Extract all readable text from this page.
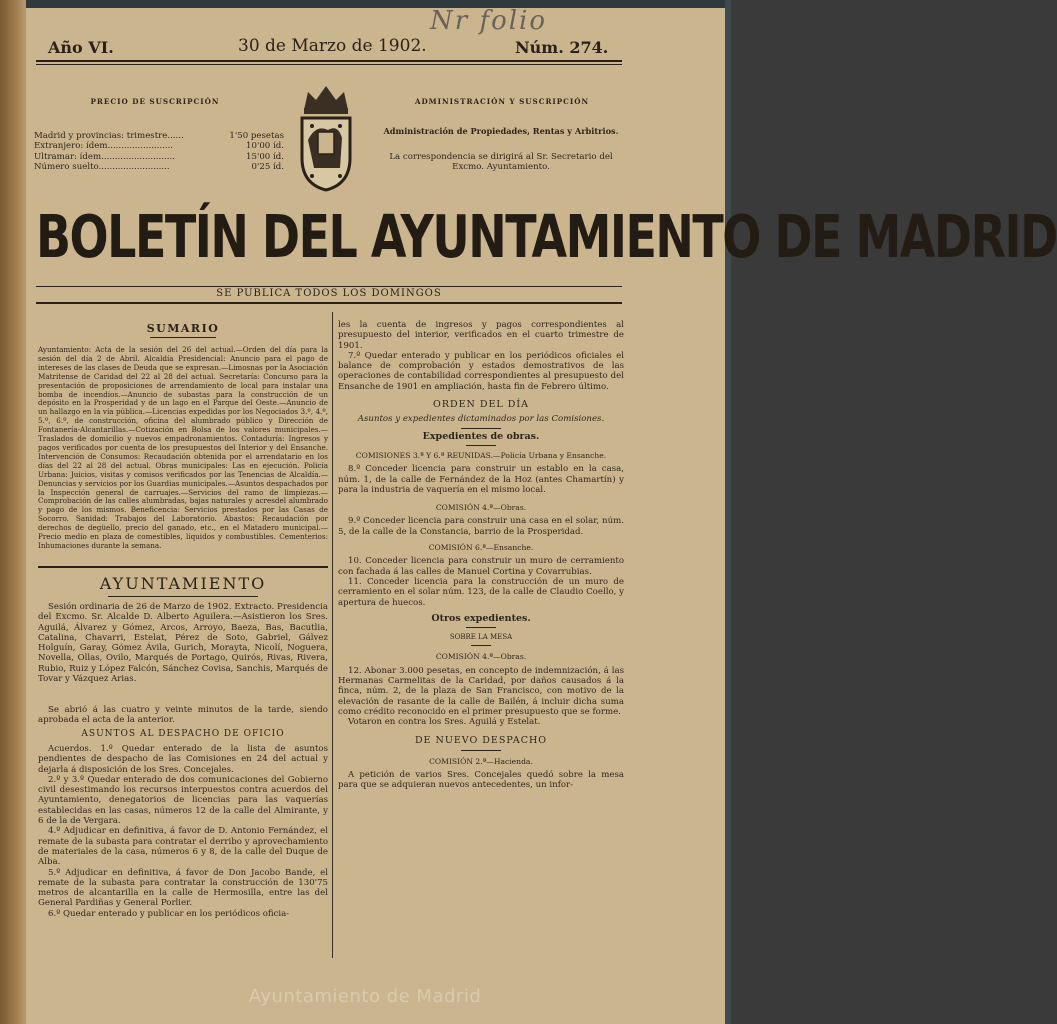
Nr folio
Año VI.	30 de Marzo de 1902.	Núm. 274.
PRECIO DE SUSCRIPCIÓN
Madrid y provincias: trimestre......	1'50 pesetas
Extranjero: ídem........................	10'00 íd.
Ultramar: ídem...........................	15'00 íd.
Número suelto..........................	0'25 íd.
ADMINISTRACIÓN Y SUSCRIPCIÓN
Administración de Propiedades, Rentas y Arbitrios.
La correspondencia se dirigirá al Sr. Secretario del Excmo. Ayuntamiento.
BOLETÍN DEL AYUNTAMIENTO DE MADRID
SE PUBLICA TODOS LOS DOMINGOS
SUMARIO
Ayuntamiento: Acta de la sesión del 26 del actual.—Orden del día para la sesión del día 2 de Abril. Alcaldía Presidencial: Anuncio para el pago de intereses de las clases de Deuda que se expresan.—Limosnas por la Asociación Matritense de Caridad del 22 al 28 del actual. Secretaría: Concurso para la presentación de proposiciones de arrendamiento de local para instalar una bomba de incendios.—Anuncio de subastas para la construcción de un depósito en la Prosperidad y de un lago en el Parque del Oeste.—Anuncio de un hallazgo en la vía pública.—Licencias expedidas por los Negociados 3.º, 4.º, 5.º, 6.º, de construcción, oficina del alumbrado público y Dirección de Fontanería-Alcantarillas.—Cotización en Bolsa de los valores municipales.—Traslados de domicilio y nuevos empadronamientos. Contaduría: Ingresos y pagos verificados por cuenta de los presupuestos del Interior y del Ensanche. Intervención de Consumos: Recaudación obtenida por el arrendatario en los días del 22 al 28 del actual. Obras municipales: Las en ejecución. Policía Urbana: Juicios, visitas y comisos verificados por las Tenencias de Alcaldía.—Denuncias y servicios por los Guardias municipales.—Asuntos despachados por la Inspección general de carruajes.—Servicios del ramo de limpiezas.—Comprobación de las calles alumbradas, bajas naturales y acresdel alumbrado y pago de los mismos. Beneficencia: Servicios prestados por las Casas de Socorro. Sanidad: Trabajos del Laboratorio. Abastos: Recaudación por derechos de degüello, precio del ganado, etc., en el Matadero municipal.—Precio medio en plaza de comestibles, líquidos y combustibles. Cementerios: Inhumaciones durante la semana.
AYUNTAMIENTO
Sesión ordinaria de 26 de Marzo de 1902. Extracto. Presidencia del Excmo. Sr. Alcalde D. Alberto Aguilera.—Asistieron los Sres. Aguilá, Álvarez y Gómez, Arcos, Arroyo, Baeza, Bas, Bacutlia, Catalina, Chavarri, Estelat, Pérez de Soto, Gabriel, Gálvez Holguín, Garay, Gómez Ávila, Gurich, Morayta, Nicolí, Noguera, Novella, Ollas, Ovilo, Marqués de Portago, Quirós, Rivas, Rivera, Rubio, Ruiz y López Falcón, Sánchez Covisa, Sanchis, Marqués de Tovar y Vázquez Arias.
Se abrió á las cuatro y veinte minutos de la tarde, siendo aprobada el acta de la anterior.
ASUNTOS AL DESPACHO DE OFICIO

Acuerdos. 1.º Quedar enterado de la lista de asuntos pendientes de despacho de las Comisiones en 24 del actual y dejarla á disposición de los Sres. Concejales.

2.º y 3.º Quedar enterado de dos comunicaciones del Gobierno civil desestimando los recursos interpuestos contra acuerdos del Ayuntamiento, denegatorios de licencias para las vaquerías establecidas en las casas, números 12 de la calle del Almirante, y 6 de la de Vergara.

4.º Adjudicar en definitiva, á favor de D. Antonio Fernández, el remate de la subasta para contratar el derribo y aprovechamiento de materiales de la casa, números 6 y 8, de la calle del Duque de Alba.

5.º Adjudicar en definitiva, á favor de Don Jacobo Bande, el remate de la subasta para contratar la construcción de 130'75 metros de alcantarilla en la calle de Hermosilla, entre las del General Pardiñas y General Porlier.

6.º Quedar enterado y publicar en los periódicos oficia-

les la cuenta de ingresos y pagos correspondientes al presupuesto del interior, verificados en el cuarto trimestre de 1901.

7.º Quedar enterado y publicar en los periódicos oficiales el balance de comprobación y estados demostrativos de las operaciones de contabilidad correspondientes al presupuesto del Ensanche de 1901 en ampliación, hasta fin de Febrero último.

ORDEN DEL DÍA
Asuntos y expedientes dictaminados por las Comisiones.
Expedientes de obras.
COMISIONES 3.ª Y 6.ª REUNIDAS.—Policía Urbana y Ensanche.

8.º Conceder licencia para construir un establo en la casa, núm. 1, de la calle de Fernández de la Hoz (antes Chamartín) y para la industria de vaquería en el mismo local.

COMISIÓN 4.ª—Obras.

9.º Conceder licencia para construir una casa en el solar, núm. 5, de la calle de la Constancia, barrio de la Prosperidad.

COMISIÓN 6.ª—Ensanche.

10. Conceder licencia para construir un muro de cerramiento con fachada á las calles de Manuel Cortina y Covarrubias.

11. Conceder licencia para la construcción de un muro de cerramiento en el solar núm. 123, de la calle de Claudio Coello, y apertura de huecos.

Otros expedientes.
SOBRE LA MESA
COMISIÓN 4.ª—Obras.

12. Abonar 3.000 pesetas, en concepto de indemnización, á las Hermanas Carmelitas de la Caridad, por daños causados á la finca, núm. 2, de la plaza de San Francisco, con motivo de la elevación de rasante de la calle de Bailén, á incluir dicha suma como crédito reconocido en el primer presupuesto que se forme.

Votaron en contra los Sres. Aguilá y Estelat.

DE NUEVO DESPACHO
COMISIÓN 2.ª—Hacienda.

A petición de varios Sres. Concejales quedó sobre la mesa para que se adquieran nuevos antecedentes, un infor-

Ayuntamiento de Madrid
